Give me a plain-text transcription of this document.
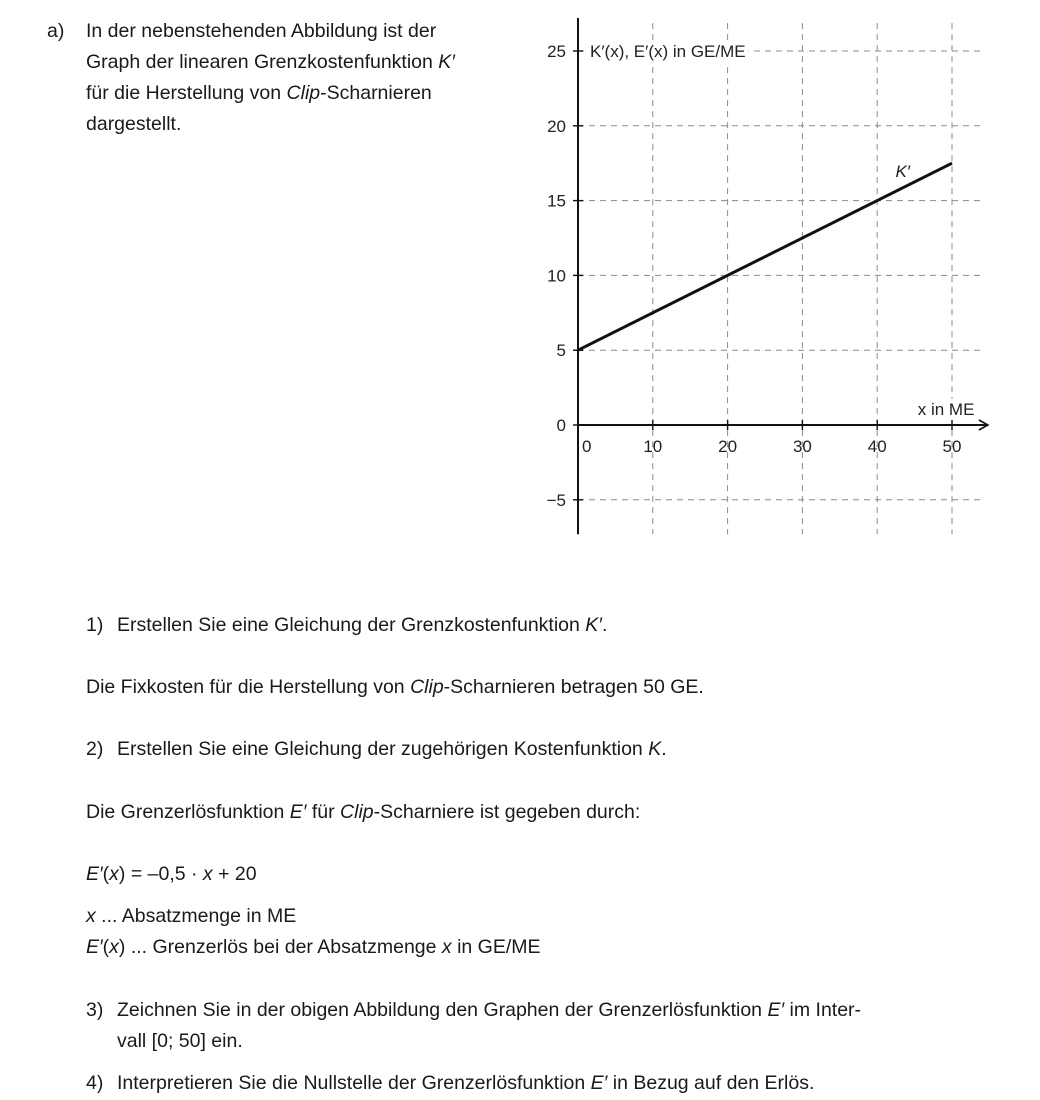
a) In der nebenstehenden Abbildung ist der
Graph der linearen Grenzkostenfunktion K′
für die Herstellung von Clip-Scharnieren
dargestellt.
−5
0
5
10
15
20
25
0	10	20	30	40	50
K′(x), E′(x) in GE/ME
x in ME
K′
1) Erstellen Sie eine Gleichung der Grenzkostenfunktion K′.
Die Fixkosten für die Herstellung von Clip-Scharnieren betragen 50 GE.
2) Erstellen Sie eine Gleichung der zugehörigen Kostenfunktion K.
Die Grenzerlösfunktion E′ für Clip-Scharniere ist gegeben durch:
E′(x) = –0,5 · x + 20
x ... Absatzmenge in ME
E′(x) ... Grenzerlös bei der Absatzmenge x in GE/ME
3) Zeichnen Sie in der obigen Abbildung den Graphen der Grenzerlösfunktion E′ im Inter-
vall [0; 50] ein.
4) Interpretieren Sie die Nullstelle der Grenzerlösfunktion E′ in Bezug auf den Erlös.
